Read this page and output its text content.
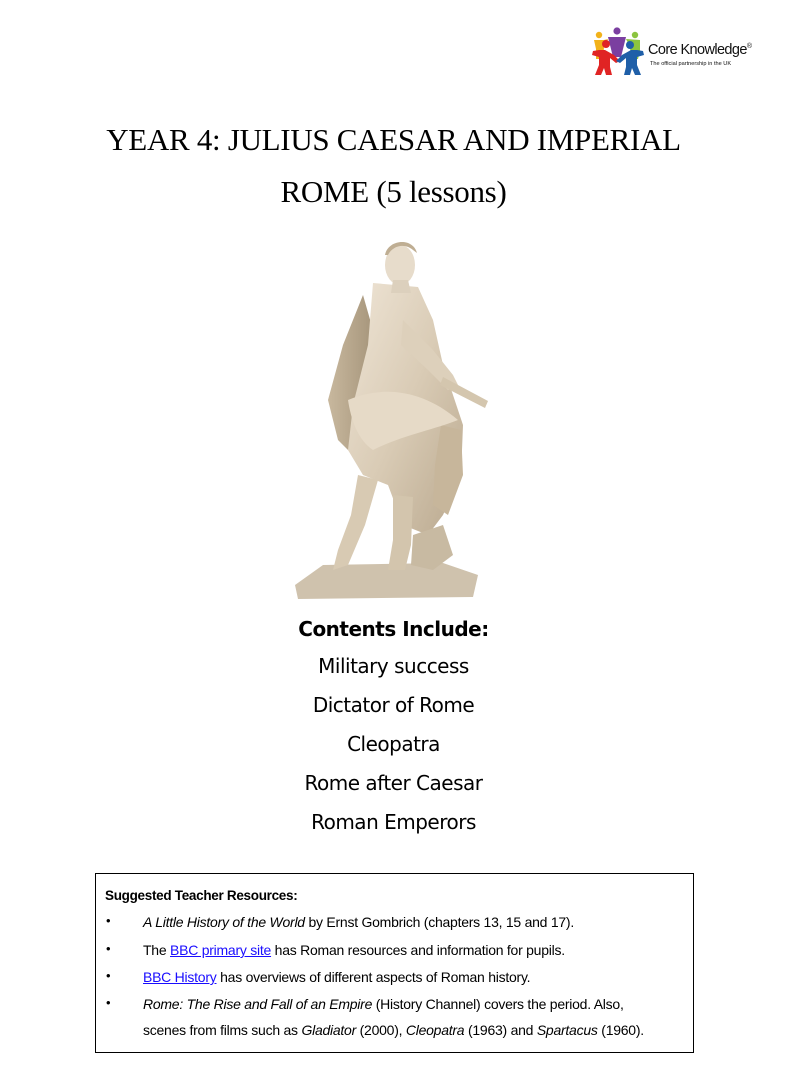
Core Knowledge®
The official partnership in the UK
YEAR 4: JULIUS CAESAR AND IMPERIAL
ROME (5 lessons)
Contents Include:
Military success
Dictator of Rome
Cleopatra
Rome after Caesar
Roman Emperors
Suggested Teacher Resources:
• A Little History of the World by Ernst Gombrich (chapters 13, 15 and 17).
• The BBC primary site has Roman resources and information for pupils.
• BBC History has overviews of different aspects of Roman history.
• Rome: The Rise and Fall of an Empire (History Channel) covers the period. Also,
scenes from films such as Gladiator (2000), Cleopatra (1963) and Spartacus (1960).
